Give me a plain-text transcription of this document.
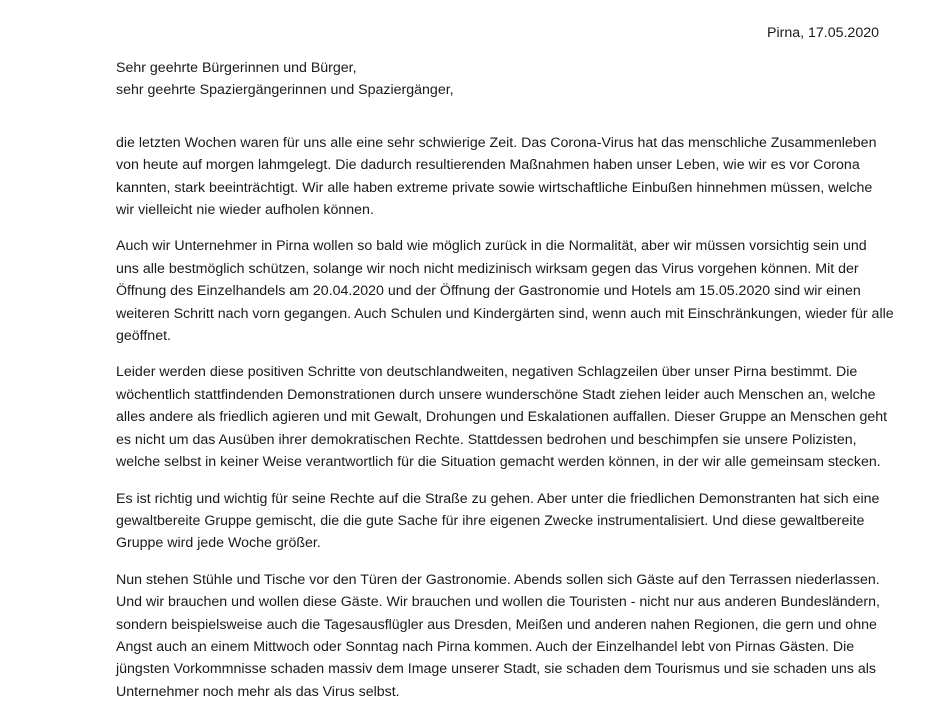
Pirna, 17.05.2020
Sehr geehrte Bürgerinnen und Bürger,
sehr geehrte Spaziergängerinnen und Spaziergänger,
die letzten Wochen waren für uns alle eine sehr schwierige Zeit. Das Corona-Virus hat das menschliche Zusammenleben
von heute auf morgen lahmgelegt. Die dadurch resultierenden Maßnahmen haben unser Leben, wie wir es vor Corona
kannten, stark beeinträchtigt. Wir alle haben extreme private sowie wirtschaftliche Einbußen hinnehmen müssen, welche
wir vielleicht nie wieder aufholen können.
Auch wir Unternehmer in Pirna wollen so bald wie möglich zurück in die Normalität, aber wir müssen vorsichtig sein und
uns alle bestmöglich schützen, solange wir noch nicht medizinisch wirksam gegen das Virus vorgehen können. Mit der
Öffnung des Einzelhandels am 20.04.2020 und der Öffnung der Gastronomie und Hotels am 15.05.2020 sind wir einen
weiteren Schritt nach vorn gegangen. Auch Schulen und Kindergärten sind, wenn auch mit Einschränkungen, wieder für alle
geöffnet.
Leider werden diese positiven Schritte von deutschlandweiten, negativen Schlagzeilen über unser Pirna bestimmt. Die
wöchentlich stattfindenden Demonstrationen durch unsere wunderschöne Stadt ziehen leider auch Menschen an, welche
alles andere als friedlich agieren und mit Gewalt, Drohungen und Eskalationen auffallen. Dieser Gruppe an Menschen geht
es nicht um das Ausüben ihrer demokratischen Rechte. Stattdessen bedrohen und beschimpfen sie unsere Polizisten,
welche selbst in keiner Weise verantwortlich für die Situation gemacht werden können, in der wir alle gemeinsam stecken.
Es ist richtig und wichtig für seine Rechte auf die Straße zu gehen. Aber unter die friedlichen Demonstranten hat sich eine
gewaltbereite Gruppe gemischt, die die gute Sache für ihre eigenen Zwecke instrumentalisiert. Und diese gewaltbereite
Gruppe wird jede Woche größer.
Nun stehen Stühle und Tische vor den Türen der Gastronomie. Abends sollen sich Gäste auf den Terrassen niederlassen.
Und wir brauchen und wollen diese Gäste. Wir brauchen und wollen die Touristen - nicht nur aus anderen Bundesländern,
sondern beispielsweise auch die Tagesausflügler aus Dresden, Meißen und anderen nahen Regionen, die gern und ohne
Angst auch an einem Mittwoch oder Sonntag nach Pirna kommen. Auch der Einzelhandel lebt von Pirnas Gästen. Die
jüngsten Vorkommnisse schaden massiv dem Image unserer Stadt, sie schaden dem Tourismus und sie schaden uns als
Unternehmer noch mehr als das Virus selbst.
